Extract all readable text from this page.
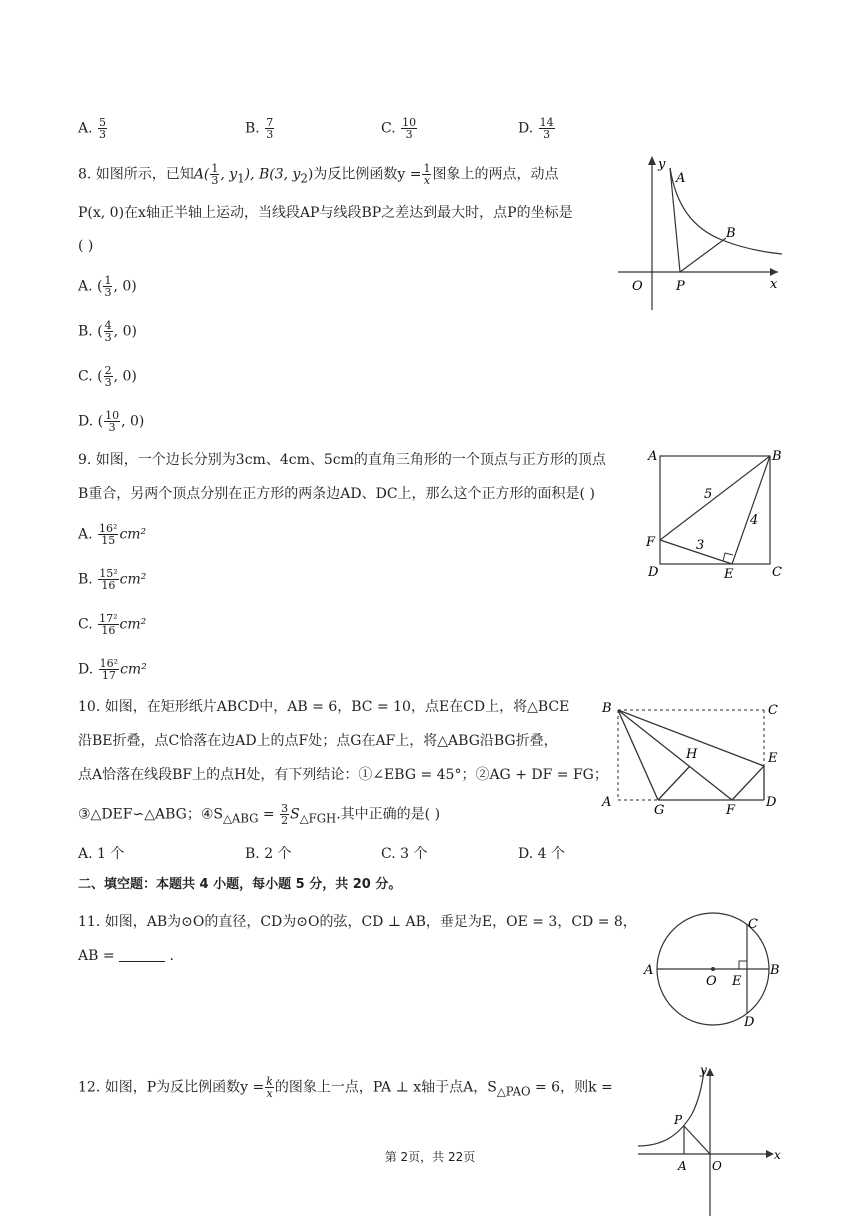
A. $\frac{5}{3}$	B. $\frac{7}{3}$	C. $\frac{10}{3}$	D. $\frac{14}{3}$
8. 如图所示，已知$A( \frac{1}{3}$ , $y_1$), B(3, $y_2$)为反比例函数$y = \frac{1}{x}$ 图象上的两点，动点
P(x, 0)在x轴正半轴上运动，当线段AP与线段BP之差达到最大时，点P的坐标是
( )
A. ( $\frac{1}{3}$ , 0)
B. ( $\frac{4}{3}$ , 0)
C. ( $\frac{2}{3}$ , 0)
D. ( $\frac{10}{3}$ , 0)
y
A
B
O	P	x
9. 如图，一个边长分别为3cm、4cm、5cm的直角三角形的一个顶点与正方形的顶点
B重合，另两个顶点分别在正方形的两条边AD、DC上，那么这个正方形的面积是( )
A. $\frac{\text{16²}}{15} cm^2$
B. $\frac{\text{15²}}{16} cm^2$
C. $\frac{\text{17²}}{16} cm^2$
D. $\frac{\text{16²}}{17} cm^2$
A	B
5
4
F	3
D	E	C
10. 如图，在矩形纸片ABCD中，AB = 6，BC = 10，点E在CD上，将△BCE
沿BE折叠，点C恰落在边AD上的点F处；点G在AF上，将△ABG沿BG折叠，
点A恰落在线段BF上的点H处，有下列结论：①∠EBG = 45°；②AG + DF = FG；
③△DEF∽△ABG；$④S_{\triangle ABG} = \frac{3}{2} S_{\triangle FGH}$.其中正确的是( )
A. 1 个	B. 2 个	C. 3 个	D. 4 个
B	C
H	E
A
G	F
D
二、填空题：本题共 4 小题，每小题 5 分，共 20 分。
11. 如图，AB为⊙O的直径，CD为⊙O的弦，CD ⊥ AB，垂足为E，OE = 3，CD = 8，
AB =	.
C
A
O E
B
D
12. 如图，P为反比例函数$y = \frac{k}{x}$ 的图象上一点，PA ⊥ x轴于点A，$S_{\triangle PAO} = 6$，则k =
y
P
x
A O
第 2页，共 22页
